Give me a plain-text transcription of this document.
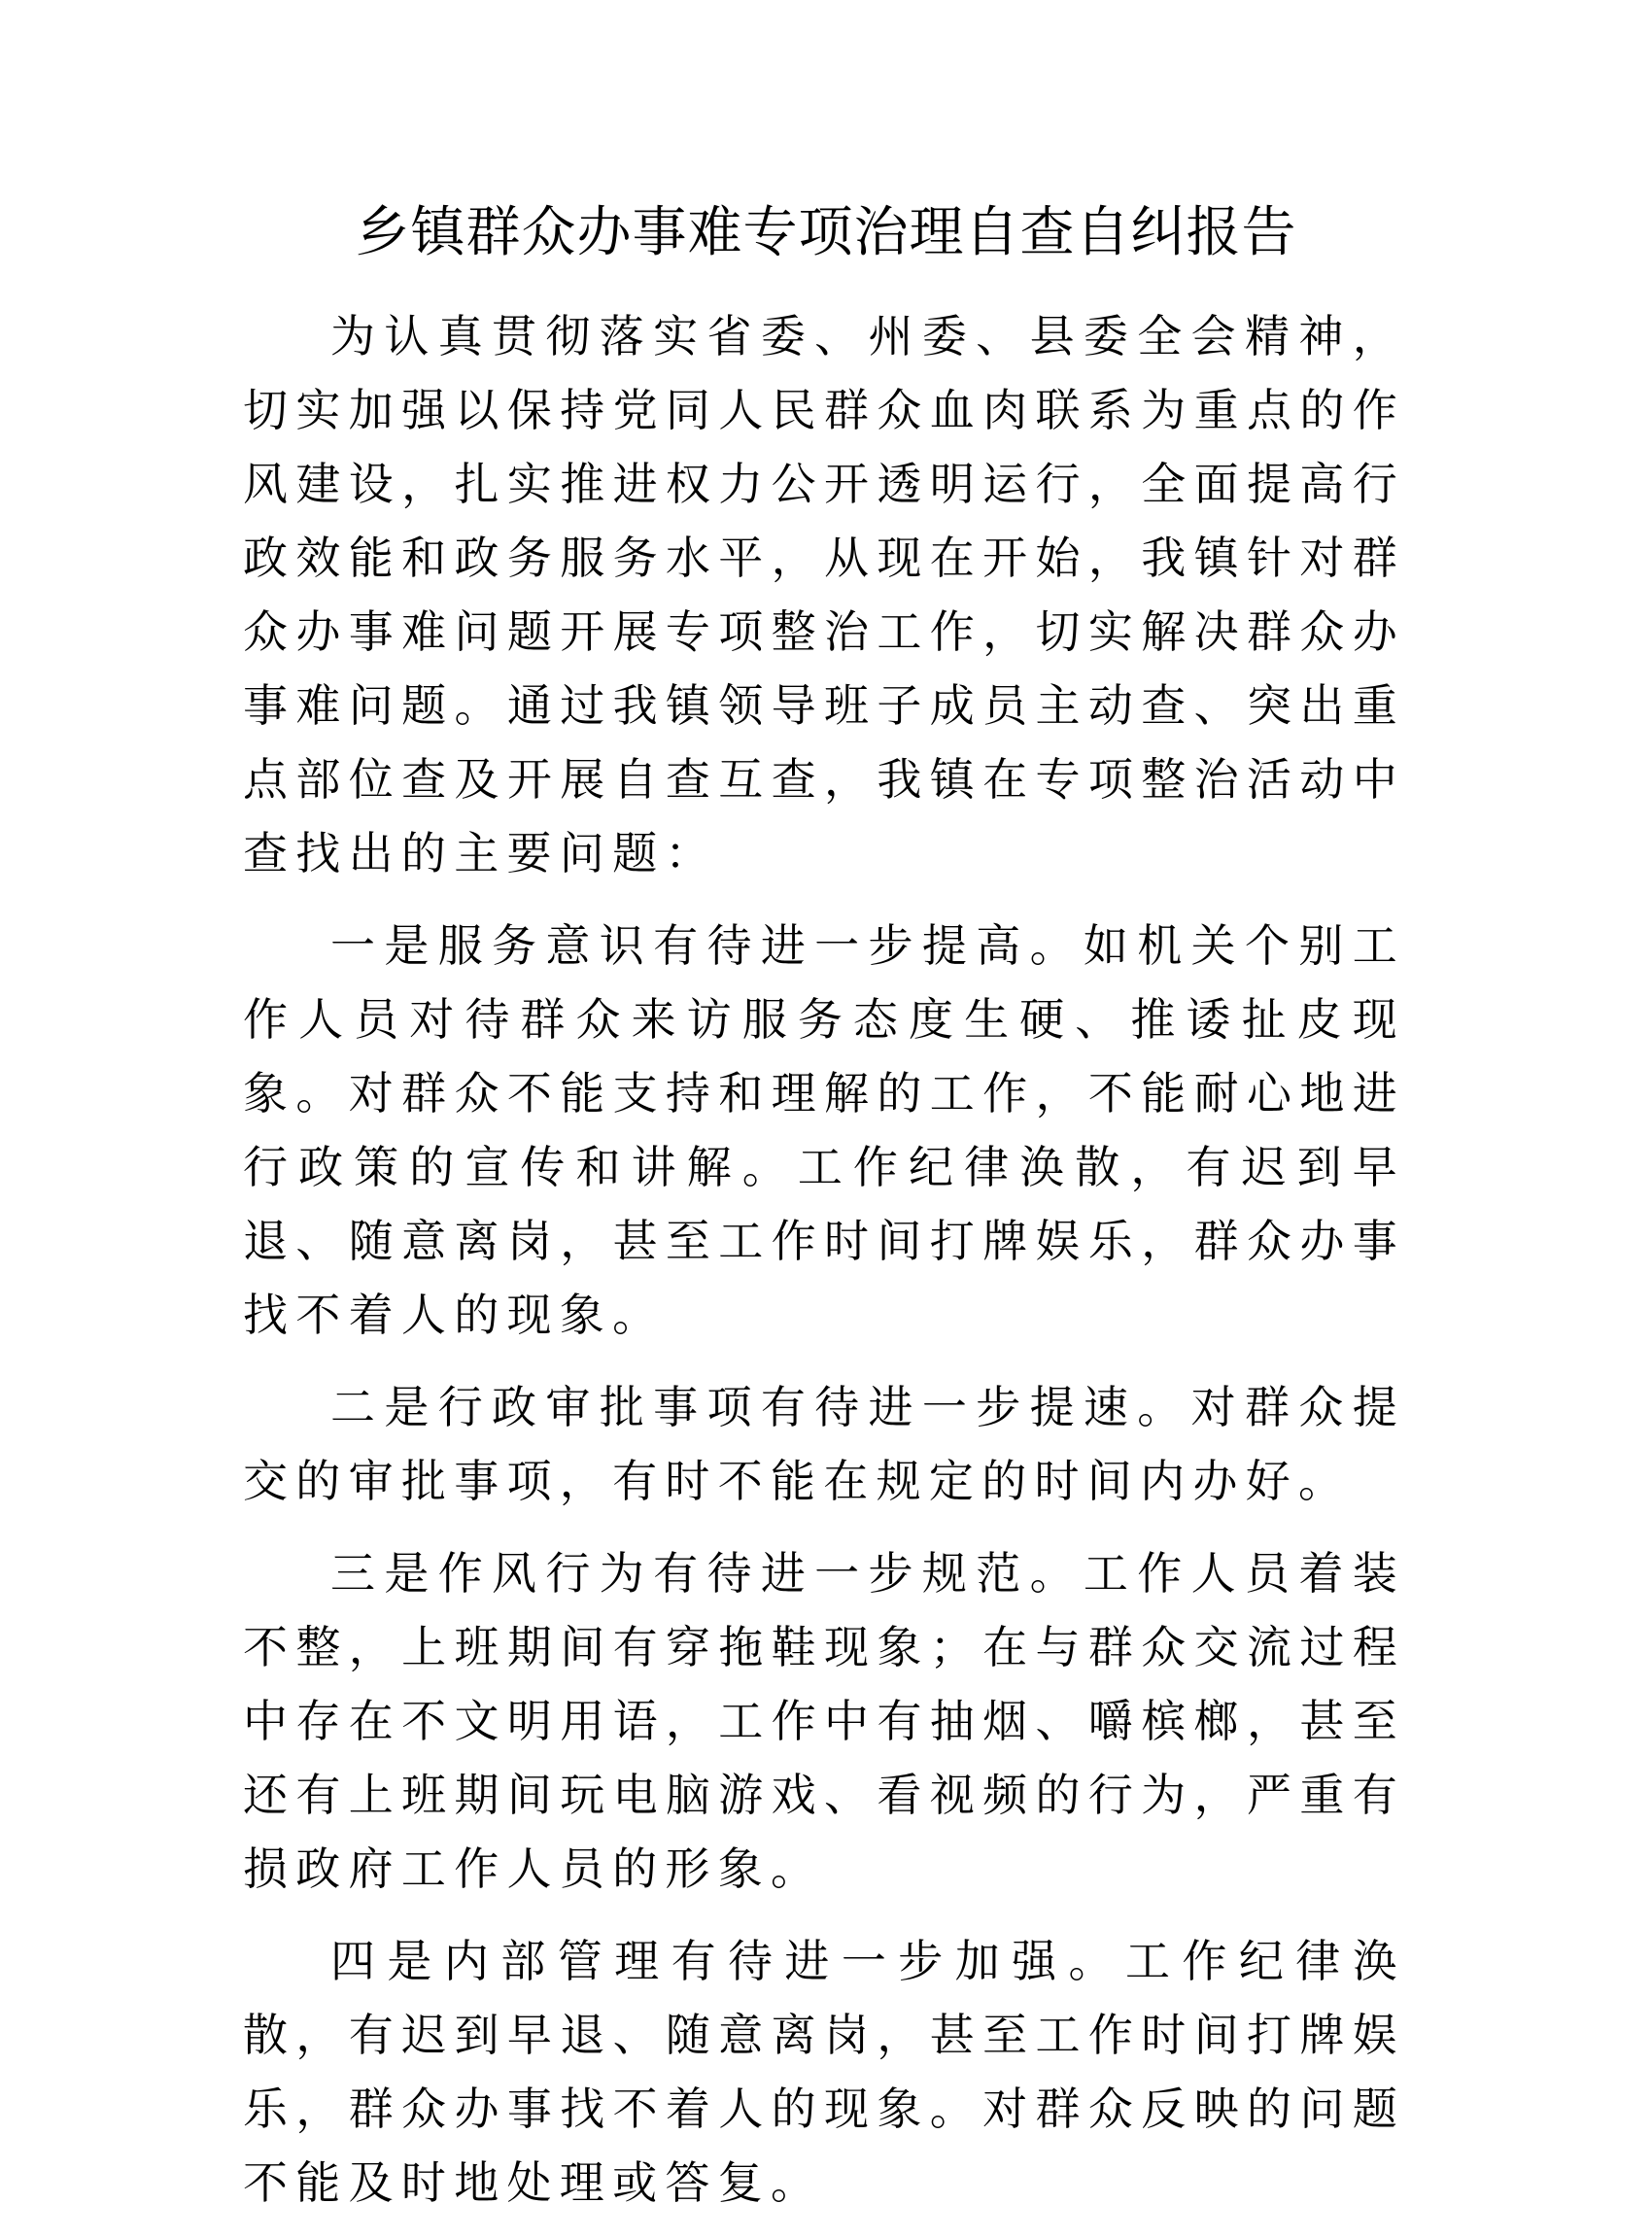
乡镇群众办事难专项治理自查自纠报告

为认真贯彻落实省委、州委、县委全会精神，切实加强以保持党同人民群众血肉联系为重点的作风建设，扎实推进权力公开透明运行，全面提高行政效能和政务服务水平，从现在开始，我镇针对群众办事难问题开展专项整治工作，切实解决群众办事难问题。通过我镇领导班子成员主动查、突出重点部位查及开展自查互查，我镇在专项整治活动中查找出的主要问题：

一是服务意识有待进一步提高。如机关个别工作人员对待群众来访服务态度生硬、推诿扯皮现象。对群众不能支持和理解的工作，不能耐心地进行政策的宣传和讲解。工作纪律涣散，有迟到早退、随意离岗，甚至工作时间打牌娱乐，群众办事找不着人的现象。

二是行政审批事项有待进一步提速。对群众提交的审批事项，有时不能在规定的时间内办好。

三是作风行为有待进一步规范。工作人员着装不整，上班期间有穿拖鞋现象；在与群众交流过程中存在不文明用语，工作中有抽烟、嚼槟榔，甚至还有上班期间玩电脑游戏、看视频的行为，严重有损政府工作人员的形象。

四是内部管理有待进一步加强。工作纪律涣散，有迟到早退、随意离岗，甚至工作时间打牌娱乐，群众办事找不着人的现象。对群众反映的问题不能及时地处理或答复。
